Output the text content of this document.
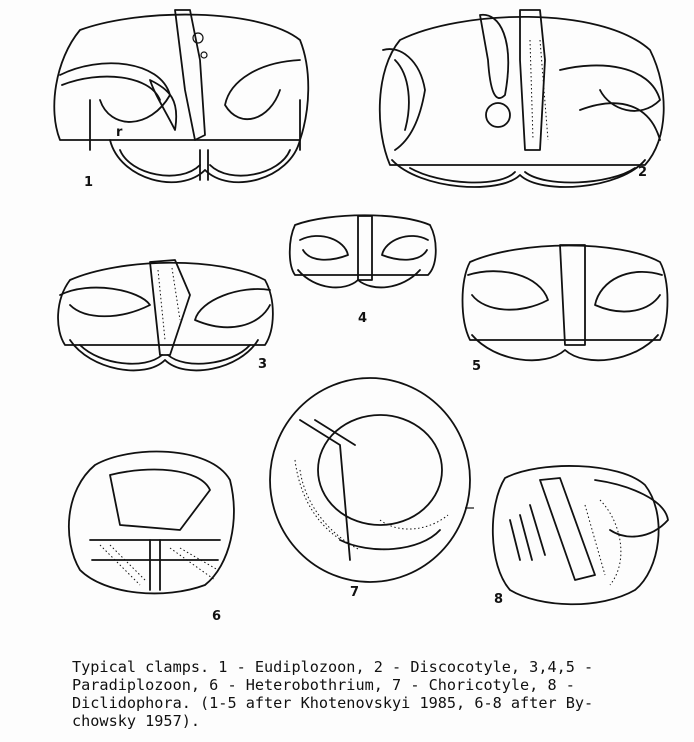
1
r
2
3
4
5
6
7	8
Typical clamps. 1 - Eudiplozoon, 2 - Discocotyle, 3,4,5 -
Paradiplozoon, 6 - Heterobothrium, 7 - Choricotyle, 8 -
Diclidophora. (1-5 after Khotenovskyi 1985, 6-8 after By-
chowsky 1957).
